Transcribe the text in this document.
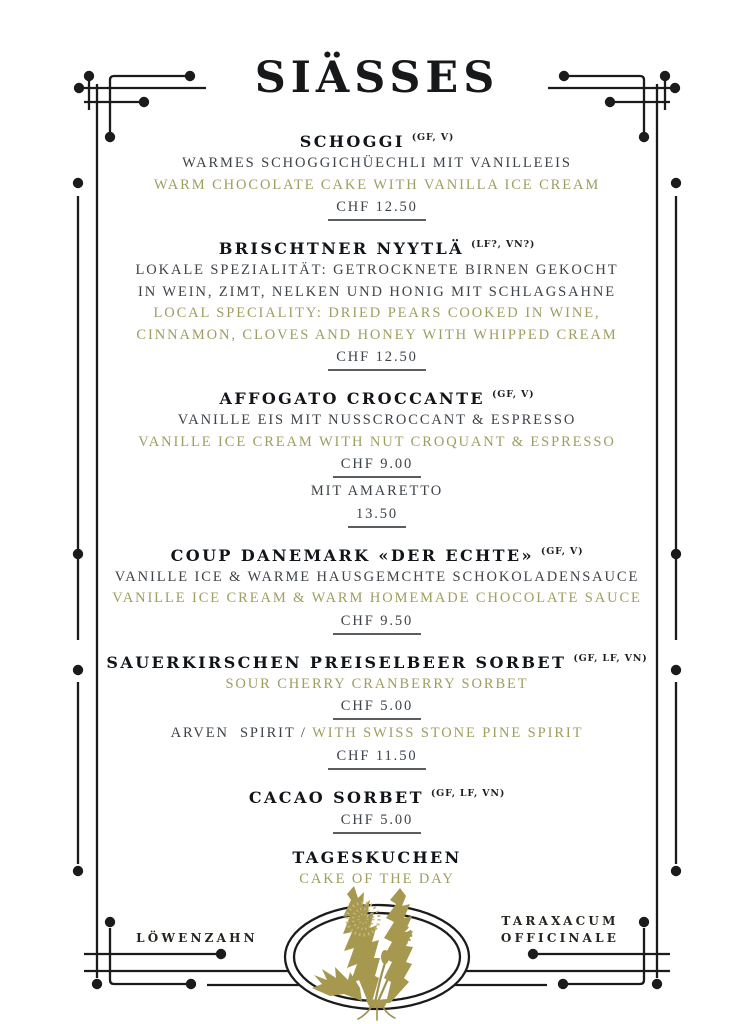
SIÄSSES
SCHOGGI $^{(GF, V)}$
WARMES SCHOGGICHÜECHLI MIT VANILLEEIS
WARM CHOCOLATE CAKE WITH VANILLA ICE CREAM
CHF 12.50
BRISCHTNER NYYTLÄ $^{(LF?, VN?)}$
LOKALE SPEZIALITÄT: GETROCKNETE BIRNEN GEKOCHT
IN WEIN, ZIMT, NELKEN UND HONIG MIT SCHLAGSAHNE
LOCAL SPECIALITY: DRIED PEARS COOKED IN WINE,
CINNAMON, CLOVES AND HONEY WITH WHIPPED CREAM
CHF 12.50
AFFOGATO CROCCANTE $^{(GF, V)}$
VANILLE EIS MIT NUSSCROCCANT & ESPRESSO
VANILLE ICE CREAM WITH NUT CROQUANT & ESPRESSO
CHF 9.00
MIT AMARETTO
13.50
COUP DANEMARK «DER ECHTE» $^{(GF, V)}$
VANILLE ICE & WARME HAUSGEMCHTE SCHOKOLADENSAUCE
VANILLE ICE CREAM & WARM HOMEMADE CHOCOLATE SAUCE
CHF 9.50
SAUERKIRSCHEN PREISELBEER SORBET $^{(GF, LF, VN)}$
SOUR CHERRY CRANBERRY SORBET
CHF 5.00
ARVEN  SPIRIT / WITH SWISS STONE PINE SPIRIT
CHF 11.50
CACAO SORBET $^{(GF, LF, VN)}$
CHF 5.00
TAGESKUCHEN
CAKE OF THE DAY
LÖWENZAHN
TARAXACUM
OFFICINALE
